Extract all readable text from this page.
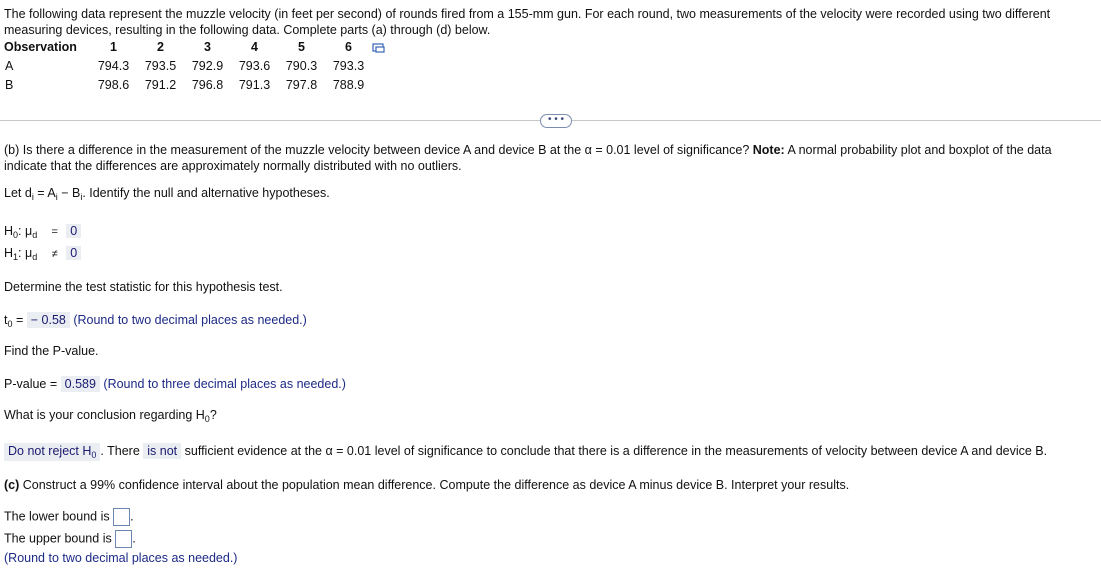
The following data represent the muzzle velocity (in feet per second) of rounds fired from a 155-mm gun. For each round, two measurements of the velocity were recorded using two different measuring devices, resulting in the following data. Complete parts (a) through (d) below.
Observation	1	2	3	4	5	6	
A	794.3	793.5	792.9	793.6	790.3	793.3	
B	798.6	791.2	796.8	791.3	797.8	788.9	
• • •
(b) Is there a difference in the measurement of the muzzle velocity between device A and device B at the α = 0.01 level of significance? Note: A normal probability plot and boxplot of the data indicate that the differences are approximately normally distributed with no outliers.
Let $d_i = A_i - B_i$. Identify the null and alternative hypotheses.
$H_0$: $\mu_d = 0$
$H_1$: $\mu_d \ne 0$
Determine the test statistic for this hypothesis test.
$t_0$ = − 0.58 (Round to two decimal places as needed.)
Find the P-value.
P-value = 0.589 (Round to three decimal places as needed.)
What is your conclusion regarding $H_0$?
Do not reject $H_0$ . There is not sufficient evidence at the α = 0.01 level of significance to conclude that there is a difference in the measurements of velocity between device A and device B.
(c) Construct a 99% confidence interval about the population mean difference. Compute the difference as device A minus device B. Interpret your results.
The lower bound is .
The upper bound is .
(Round to two decimal places as needed.)
